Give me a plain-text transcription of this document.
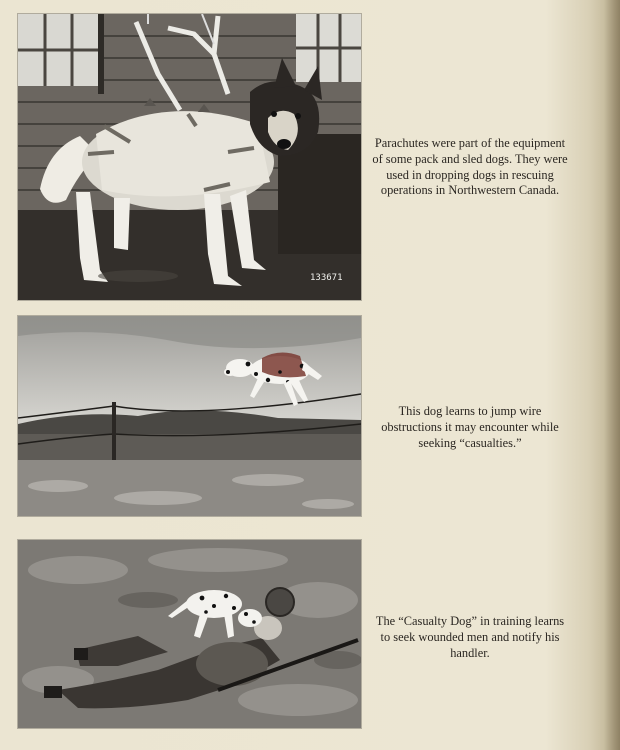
133671

Parachutes were part of the equipment of some pack and sled dogs. They were used in dropping dogs in rescuing operations in Northwestern Canada.

This dog learns to jump wire obstructions it may encounter while seeking “casualties.”

The “Casualty Dog” in training learns to seek wounded men and notify his handler.
